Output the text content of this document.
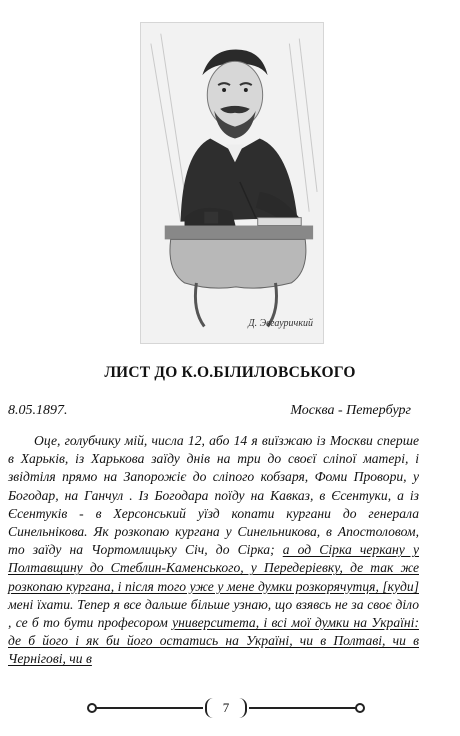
Д. Эвгауричкий
ЛИСТ ДО К.О.БІЛИЛОВСЬКОГО
8.05.1897.	Москва - Петербург
Оце, голубчику мій, числа 12, або 14 я виїзжаю із Москви сперше в Харьків, із Харькова заїду днів на три до своєї сліпої матері, і звідтіля прямо на Запорожіє до сліпого кобзаря, Фоми Провори, у Богодар, на Ганчул . Із Богодара поїду на Кавказ, в Єсентуки, а із Єсентуків - в Херсонський уїзд копати кургани до генерала Синельнікова. Як розкопаю кургана у Синельникова, в Апостоловом, то заїду на Чортомлицьку Січ, до Сірка; а од Сірка черкану у Полтавщину до Стеблин-Каменського, у Передеріевку, де так же розкопаю кургана, і після того уже у мене думки розкорячутця, [куди] мені їхати. Тепер я все дальше більше узнаю, що взявсь не за своє діло , се б то бути професором университета, і всі мої думки на Україні: де б його і як би його остатись на Україні, чи в Полтаві, чи в Чернігові, чи в
7
